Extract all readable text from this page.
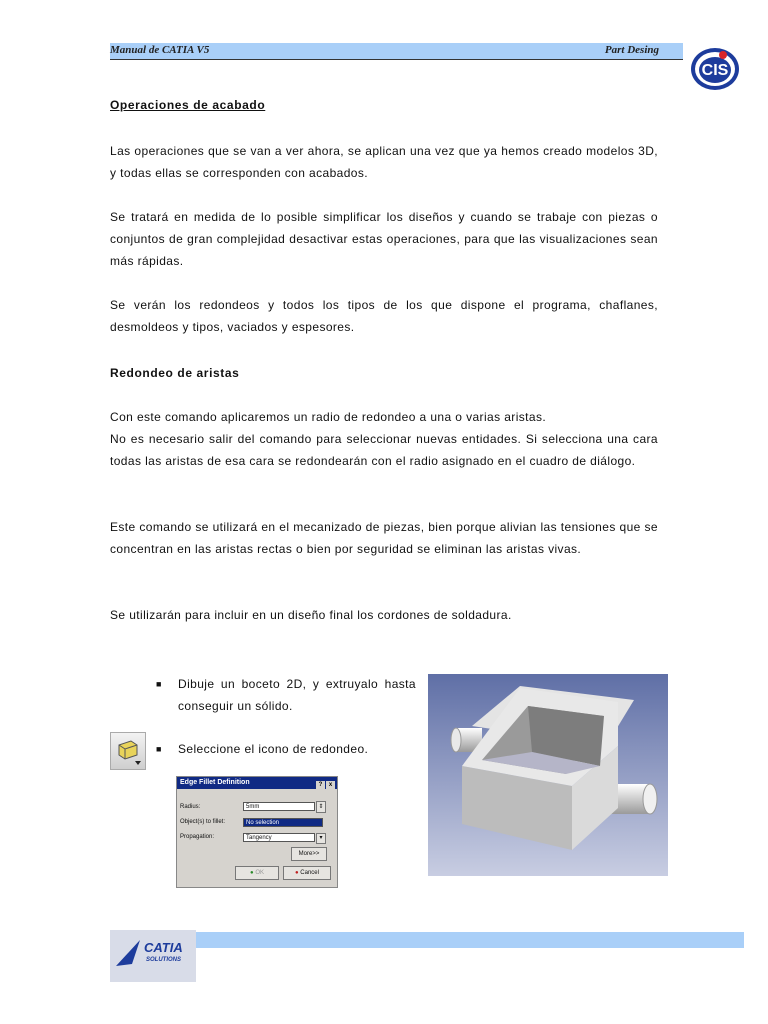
Manual de CATIA V5	Part Desing
CIS
Operaciones de acabado
Las operaciones que se van a ver ahora, se aplican una vez que ya hemos creado modelos 3D, y todas ellas se corresponden con acabados.
Se tratará en medida de lo posible simplificar los diseños y cuando se trabaje con piezas o conjuntos de gran complejidad desactivar estas operaciones, para que las visualizaciones sean más rápidas.
Se verán los redondeos y todos los tipos de los que dispone el programa, chaflanes, desmoldeos y tipos, vaciados y espesores.
Redondeo de aristas
Con este comando aplicaremos un radio de redondeo a una o varias aristas.
No es necesario salir del comando para seleccionar nuevas entidades. Si selecciona una cara todas las aristas de esa cara se redondearán con el radio asignado en el cuadro de diálogo.
Este comando se utilizará en el mecanizado de piezas, bien porque alivian las tensiones que se concentran en las aristas rectas o bien por seguridad se eliminan las aristas vivas.
Se utilizarán para incluir en un diseño final los cordones de soldadura.
■ Dibuje un boceto 2D, y extruyalo hasta conseguir un sólido.
■ Seleccione el icono de redondeo.
Edge Fillet Definition	? x
Radius:	5mm	⇕
Object(s) to fillet:	No selection
Propagation:	Tangency	▾
More>>
● OK	● Cancel
CATIA
SOLUTIONS
